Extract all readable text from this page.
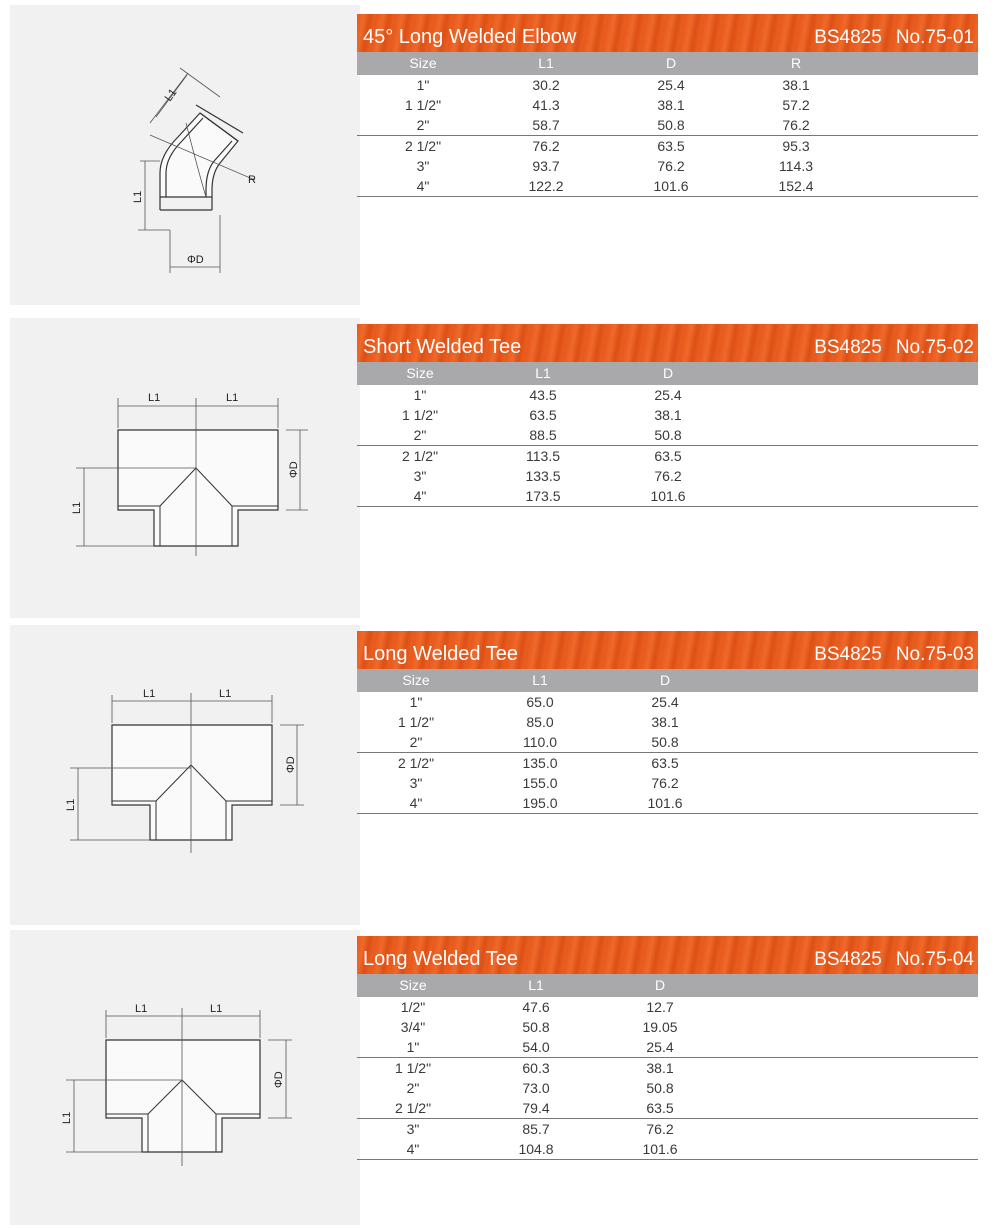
L1
L1
R
ΦD
L1	L1
ΦD
L1
L1	L1
ΦD
L1
L1	L1
ΦD
L1
45° Long Welded Elbow	BS4825 No.75-01
Size	L1	D	R
1"	30.2	25.4	38.1
1 1/2"	41.3	38.1	57.2
2"	58.7	50.8	76.2
2 1/2"	76.2	63.5	95.3
3"	93.7	76.2	114.3
4"	122.2	101.6	152.4
Short Welded Tee	BS4825 No.75-02
Size	L1	D
1"	43.5	25.4
1 1/2"	63.5	38.1
2"	88.5	50.8
2 1/2"	113.5	63.5
3"	133.5	76.2
4"	173.5	101.6
Long Welded Tee	BS4825 No.75-03
Size	L1	D
1"	65.0	25.4
1 1/2"	85.0	38.1
2"	110.0	50.8
2 1/2"	135.0	63.5
3"	155.0	76.2
4"	195.0	101.6
Long Welded Tee	BS4825 No.75-04
Size	L1	D
1/2"	47.6	12.7
3/4"	50.8	19.05
1"	54.0	25.4
1 1/2"	60.3	38.1
2"	73.0	50.8
2 1/2"	79.4	63.5
3"	85.7	76.2
4"	104.8	101.6
